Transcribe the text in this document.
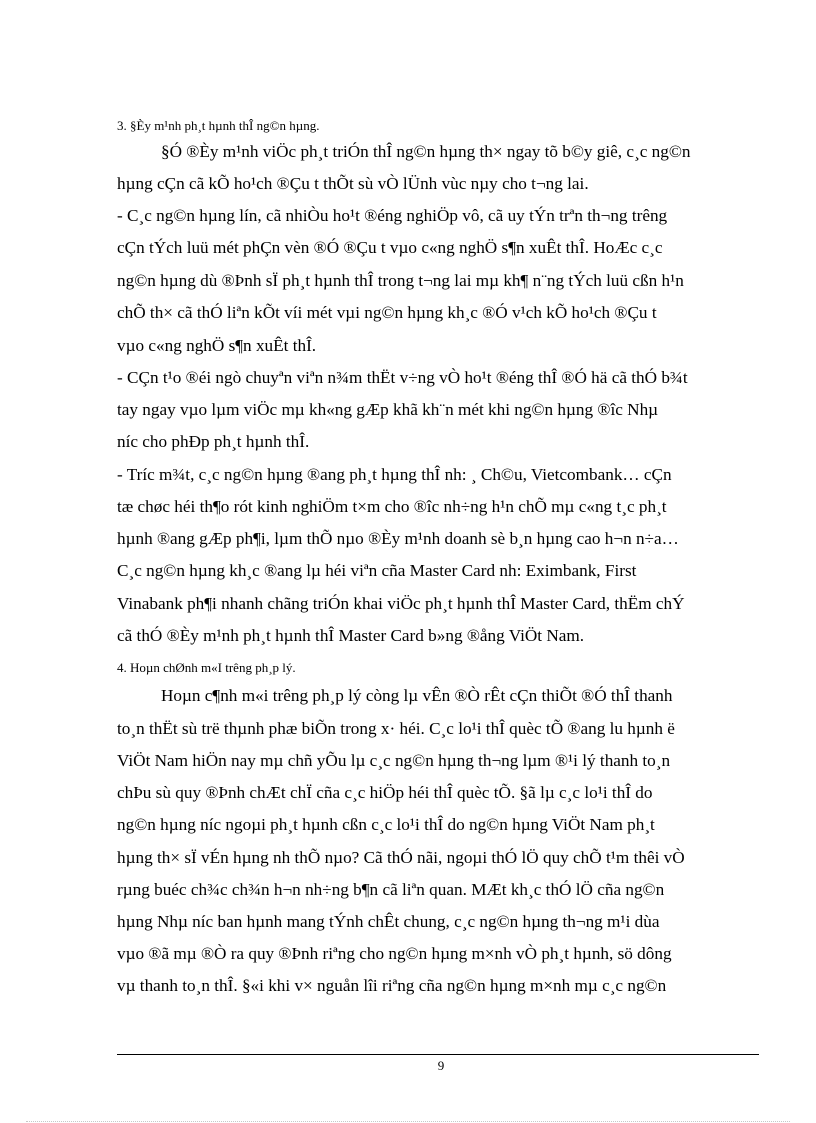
3. §Èy m¹nh ph¸t hµnh thÎ ng©n hµng.
§Ó ®Èy m¹nh viÖc ph¸t triÓn thÎ ng©n hµng th× ngay tõ b©y giê, c¸c ng©n
hµng cÇn cã kÕ ho¹ch ®Çu t thÕt sù vÒ lÜnh vùc nµy cho t¬ng lai.
- C¸c ng©n hµng lín, cã nhiÒu ho¹t ®éng nghiÖp vô, cã uy tÝn trªn th¬ng trêng
cÇn tÝch luü mét phÇn vèn ®Ó ®Çu t vµo c«ng nghÖ s¶n xuÊt thÎ. HoÆc c¸c
ng©n hµng dù ®Þnh sÏ ph¸t hµnh thÎ trong t¬ng lai mµ kh¶ n¨ng tÝch luü cßn h¹n
chÕ th× cã thÓ liªn kÕt víi mét vµi ng©n hµng kh¸c ®Ó v¹ch kÕ ho¹ch ®Çu t
vµo c«ng nghÖ s¶n xuÊt thÎ.
- CÇn t¹o ®éi ngò chuyªn viªn n¾m thËt v÷ng vÒ ho¹t ®éng thÎ ®Ó hä cã thÓ b¾t
tay ngay vµo lµm viÖc mµ kh«ng gÆp khã kh¨n mét khi ng©n hµng ®îc Nhµ
níc cho phÐp ph¸t hµnh thÎ.
- Tríc m¾t, c¸c ng©n hµng ®ang ph¸t hµng thÎ nh: ¸ Ch©u, Vietcombank… cÇn
tæ chøc héi th¶o rót kinh nghiÖm t×m cho ®îc nh÷ng h¹n chÕ mµ c«ng t¸c ph¸t
hµnh ®ang gÆp ph¶i, lµm thÕ nµo ®Èy m¹nh doanh sè b¸n hµng cao h¬n n÷a…
C¸c ng©n hµng kh¸c ®ang lµ héi viªn cña Master Card nh: Eximbank, First
Vinabank ph¶i nhanh chãng triÓn khai viÖc ph¸t hµnh thÎ Master Card, thËm chÝ
cã thÓ ®Èy m¹nh ph¸t hµnh thÎ Master Card b»ng ®ång ViÖt Nam.
4. Hoµn chØnh m«I trêng ph¸p lý.
Hoµn c¶nh m«i trêng ph¸p lý còng lµ vÊn ®Ò rÊt cÇn thiÕt ®Ó thÎ thanh
to¸n thËt sù trë thµnh phæ biÕn trong x· héi. C¸c lo¹i thÎ quèc tÕ ®ang lu hµnh ë
ViÖt Nam hiÖn nay mµ chñ yÕu lµ c¸c ng©n hµng th¬ng lµm ®¹i lý thanh to¸n
chÞu sù quy ®Þnh chÆt chÏ cña c¸c hiÖp héi thÎ quèc tÕ. §ã lµ c¸c lo¹i thÎ do
ng©n hµng níc ngoµi ph¸t hµnh cßn c¸c lo¹i thÎ do ng©n hµng ViÖt Nam ph¸t
hµng th× sÏ vÉn hµng nh thÕ nµo? Cã thÓ nãi, ngoµi thÓ lÖ quy chÕ t¹m thêi vÒ
rµng buéc ch¾c ch¾n h¬n nh÷ng b¶n cã liªn quan. MÆt kh¸c thÓ lÖ cña ng©n
hµng Nhµ níc ban hµnh mang tÝnh chÊt chung, c¸c ng©n hµng th¬ng m¹i dùa
vµo ®ã mµ ®Ò ra quy ®Þnh riªng cho ng©n hµng m×nh vÒ ph¸t hµnh, sö dông
vµ thanh to¸n thÎ. §«i khi v× nguån lîi riªng cña ng©n hµng m×nh mµ c¸c ng©n
9
